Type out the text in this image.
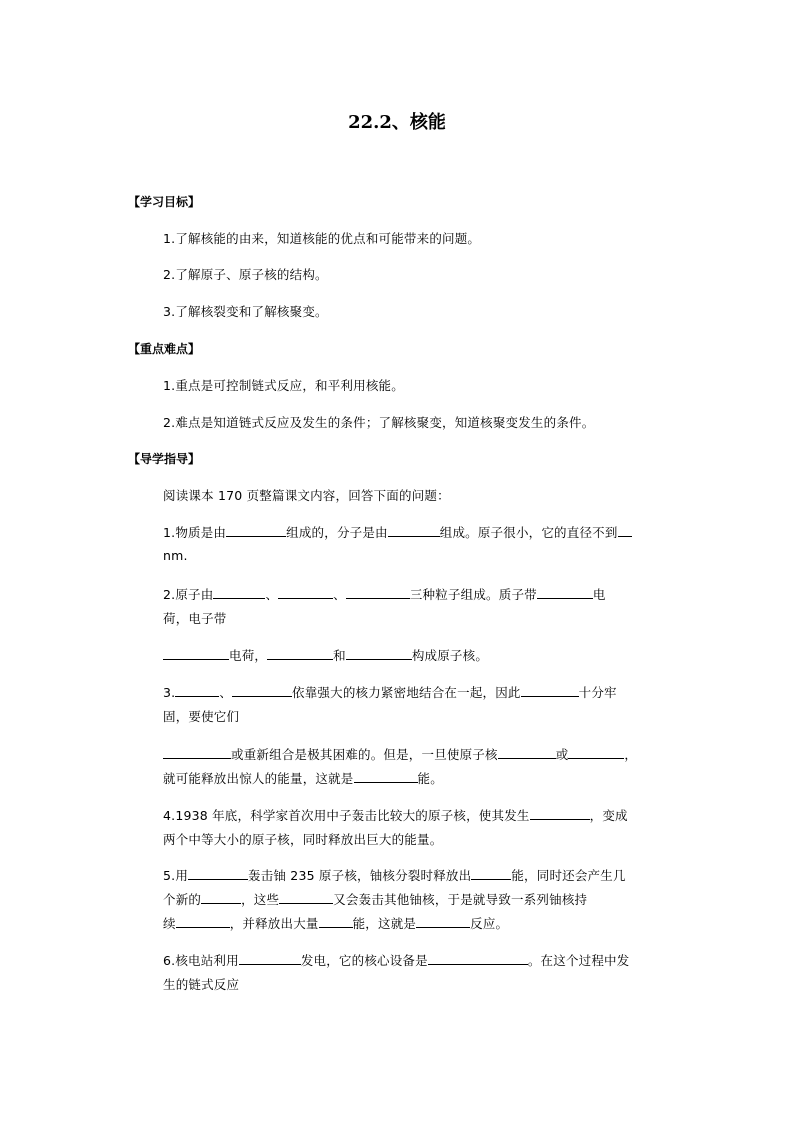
22.2、核能
【学习目标】
1.了解核能的由来，知道核能的优点和可能带来的问题。
2.了解原子、原子核的结构。
3.了解核裂变和了解核聚变。
【重点难点】
1.重点是可控制链式反应，和平利用核能。
2.难点是知道链式反应及发生的条件；了解核聚变，知道核聚变发生的条件。
【导学指导】
阅读课本 170 页整篇课文内容，回答下面的问题：
1.物质是由	组成的，分子是由	组成。原子很小，它的直径不到
nm.
2.原子由	、	、	三种粒子组成。质子带	电
荷，电子带
电荷，	和	构成原子核。
3.	、	依靠强大的核力紧密地结合在一起，因此	十分牢
固，要使它们
或重新组合是极其困难的。但是，一旦使原子核	或	，
就可能释放出惊人的能量，这就是	能。
4.1938 年底，科学家首次用中子轰击比较大的原子核，使其发生	，变成
两个中等大小的原子核，同时释放出巨大的能量。
5.用	轰击铀 235 原子核，铀核分裂时释放出	能，同时还会产生几
个新的	，这些	又会轰击其他铀核，于是就导致一系列铀核持
续	，并释放出大量	能，这就是	反应。
6.核电站利用	发电，它的核心设备是	。在这个过程中发
生的链式反应
